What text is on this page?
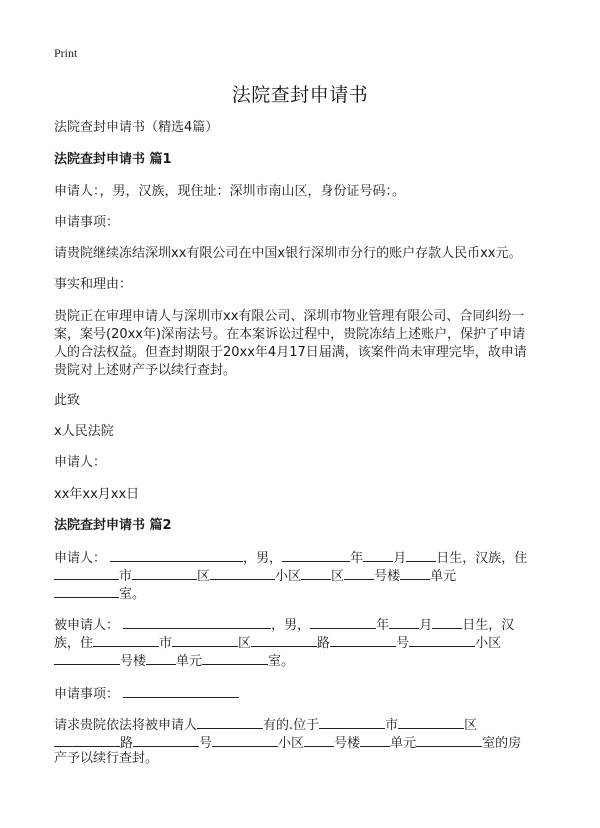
Print
法院查封申请书
法院查封申请书（精选4篇）
法院查封申请书 篇1
申请人：，男，汉族，现住址：深圳市南山区，身份证号码：。
申请事项：
请贵院继续冻结深圳xx有限公司在中国x银行深圳市分行的账户存款人民币xx元。
事实和理由：
贵院正在审理申请人与深圳市xx有限公司、深圳市物业管理有限公司、合同纠纷一
案，案号(20xx年)深南法号。在本案诉讼过程中，贵院冻结上述账户，保护了申请
人的合法权益。但查封期限于20xx年4月17日届满，该案件尚未审理完毕，故申请
贵院对上述财产予以续行查封。
此致
x人民法院
申请人：
xx年xx月xx日
法院查封申请书 篇2
申请人：	，男，	年 月 日生，汉族，住
市	区	小区 区 号楼 单元
室。
被申请人：	，男，	年 月 日生，汉
族，住	市	区	路	号	小区
号楼 单元	室。
申请事项：
请求贵院依法将被申请人	有的.位于	市	区
路	号	小区 号楼 单元	室的房
产予以续行查封。
